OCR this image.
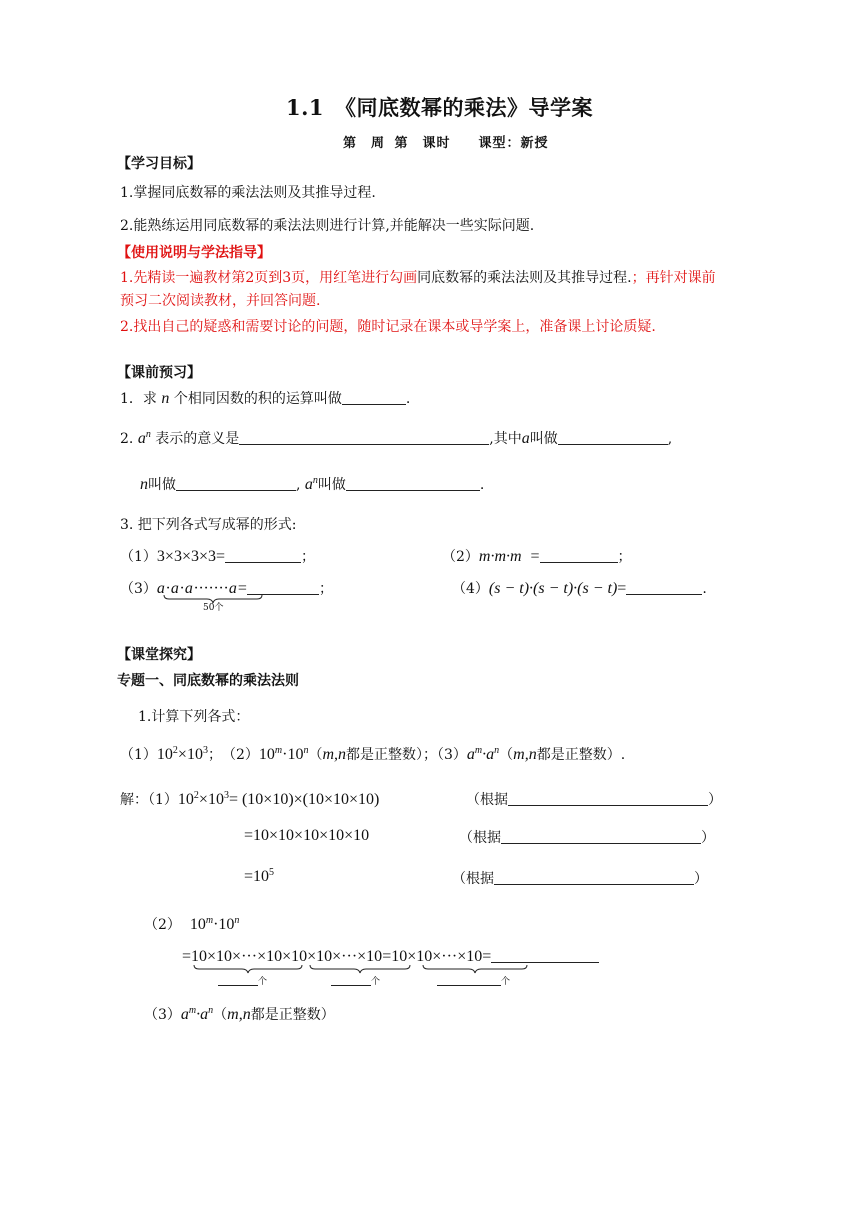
1.1　《同底数幂的乘法》导学案
第　周 第　课时　　课型：新授
【学习目标】
1.掌握同底数幂的乘法法则及其推导过程.
2.能熟练运用同底数幂的乘法法则进行计算,并能解决一些实际问题.
【使用说明与学法指导】
1.先精读一遍教材第2页到3页，用红笔进行勾画同底数幂的乘法法则及其推导过程.；再针对课前
预习二次阅读教材，并回答问题.
2.找出自己的疑惑和需要讨论的问题，随时记录在课本或导学案上，准备课上讨论质疑.
【课前预习】
1．求 n 个相同因数的积的运算叫做	.
2. $a^n$ 表示的意义是	,其中a叫做	,
n叫做	, $a^n$叫做	.
3. 把下列各式写成幂的形式:
（1）3×3×3×3=	；	（2）m·m·m =	；
（3）a·a·a·······a=	；
50个
（4）(s − t)·(s − t)·(s − t)=	.
【课堂探究】
专题一、同底数幂的乘法法则
1.计算下列各式：
$(1)10^2\times 10^3$；　$(2)10^m\cdot 10^n(m,n$都是正整数）；$(3)a^m\cdot a^n(m,n$都是正整数）.
解：$(1)10^2\times 10^3= (10\times 10)\times(10\times 10\times 10)$	（根据	）
=10×10×10×10×10	（根据	）
$=10^5$	（根据	）
（2） $10^m\cdot 10^n$
=10×10×···×10×10×10×···×10=10×10×···×10=
个	个	个
$(3)a^m\cdot a^n(m,n$都是正整数）
